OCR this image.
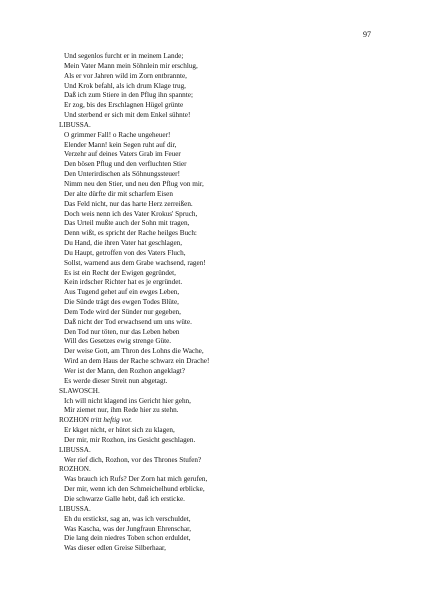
97
Und segenlos furcht er in meinem Lande;
Mein Vater Mann mein Söhnlein mir erschlug,
Als er vor Jahren wild im Zorn entbrannte,
Und Krok befahl, als ich drum Klage trug,
Daß ich zum Stiere in den Pflug ihn spannte;
Er zog, bis des Erschlagnen Hügel grünte
Und sterbend er sich mit dem Enkel sühnte!
LIBUSSA.
O grimmer Fall! o Rache ungeheuer!
Elender Mann! kein Segen ruht auf dir,
Verzehr auf deines Vaters Grab im Feuer
Den bösen Pflug und den verfluchten Stier
Den Unterirdischen als Söhnungssteuer!
Nimm neu den Stier, und neu den Pflug von mir,
Der alte dürfte dir mit scharfem Eisen
Das Feld nicht, nur das harte Herz zerreißen.
Doch weis nenn ich des Vater Krokus' Spruch,
Das Urteil mußte auch der Sohn mit tragen,
Denn wißt, es spricht der Rache heilges Buch:
Du Hand, die ihren Vater hat geschlagen,
Du Haupt, getroffen von des Vaters Fluch,
Sollst, warnend aus dem Grabe wachsend, ragen!
Es ist ein Recht der Ewigen gegründet,
Kein irdscher Richter hat es je ergründet.
Aus Tugend gehet auf ein ewges Leben,
Die Sünde trägt des ewgen Todes Blüte,
Dem Tode wird der Sünder nur gegeben,
Daß nicht der Tod erwachsend um uns wüte.
Den Tod nur töten, nur das Leben heben
Will des Gesetzes ewig strenge Güte.
Der weise Gott, am Thron des Lohns die Wache,
Wird an dem Haus der Rache schwarz ein Drache!
Wer ist der Mann, den Rozhon angeklagt?
Es werde dieser Streit nun abgetagt.
SLAWOSCH.
Ich will nicht klagend ins Gericht hier gehn,
Mir ziemet nur, ihm Rede hier zu stehn.
ROZHON tritt heftig vor.
Er kkget nicht, er hütet sich zu klagen,
Der mir, mir Rozhon, ins Gesicht geschlagen.
LIBUSSA.
Wer rief dich, Rozhon, vor des Thrones Stufen?
ROZHON.
Was brauch ich Rufs? Der Zorn hat mich gerufen,
Der mir, wenn ich den Schmeichelhund erblicke,
Die schwarze Galle hebt, daß ich ersticke.
LIBUSSA.
Eh du erstickst, sag an, was ich verschuldet,
Was Kascha, was der Jungfraun Ehrenschar,
Die lang dein niedres Toben schon erduldet,
Was dieser edlen Greise Silberhaar,
